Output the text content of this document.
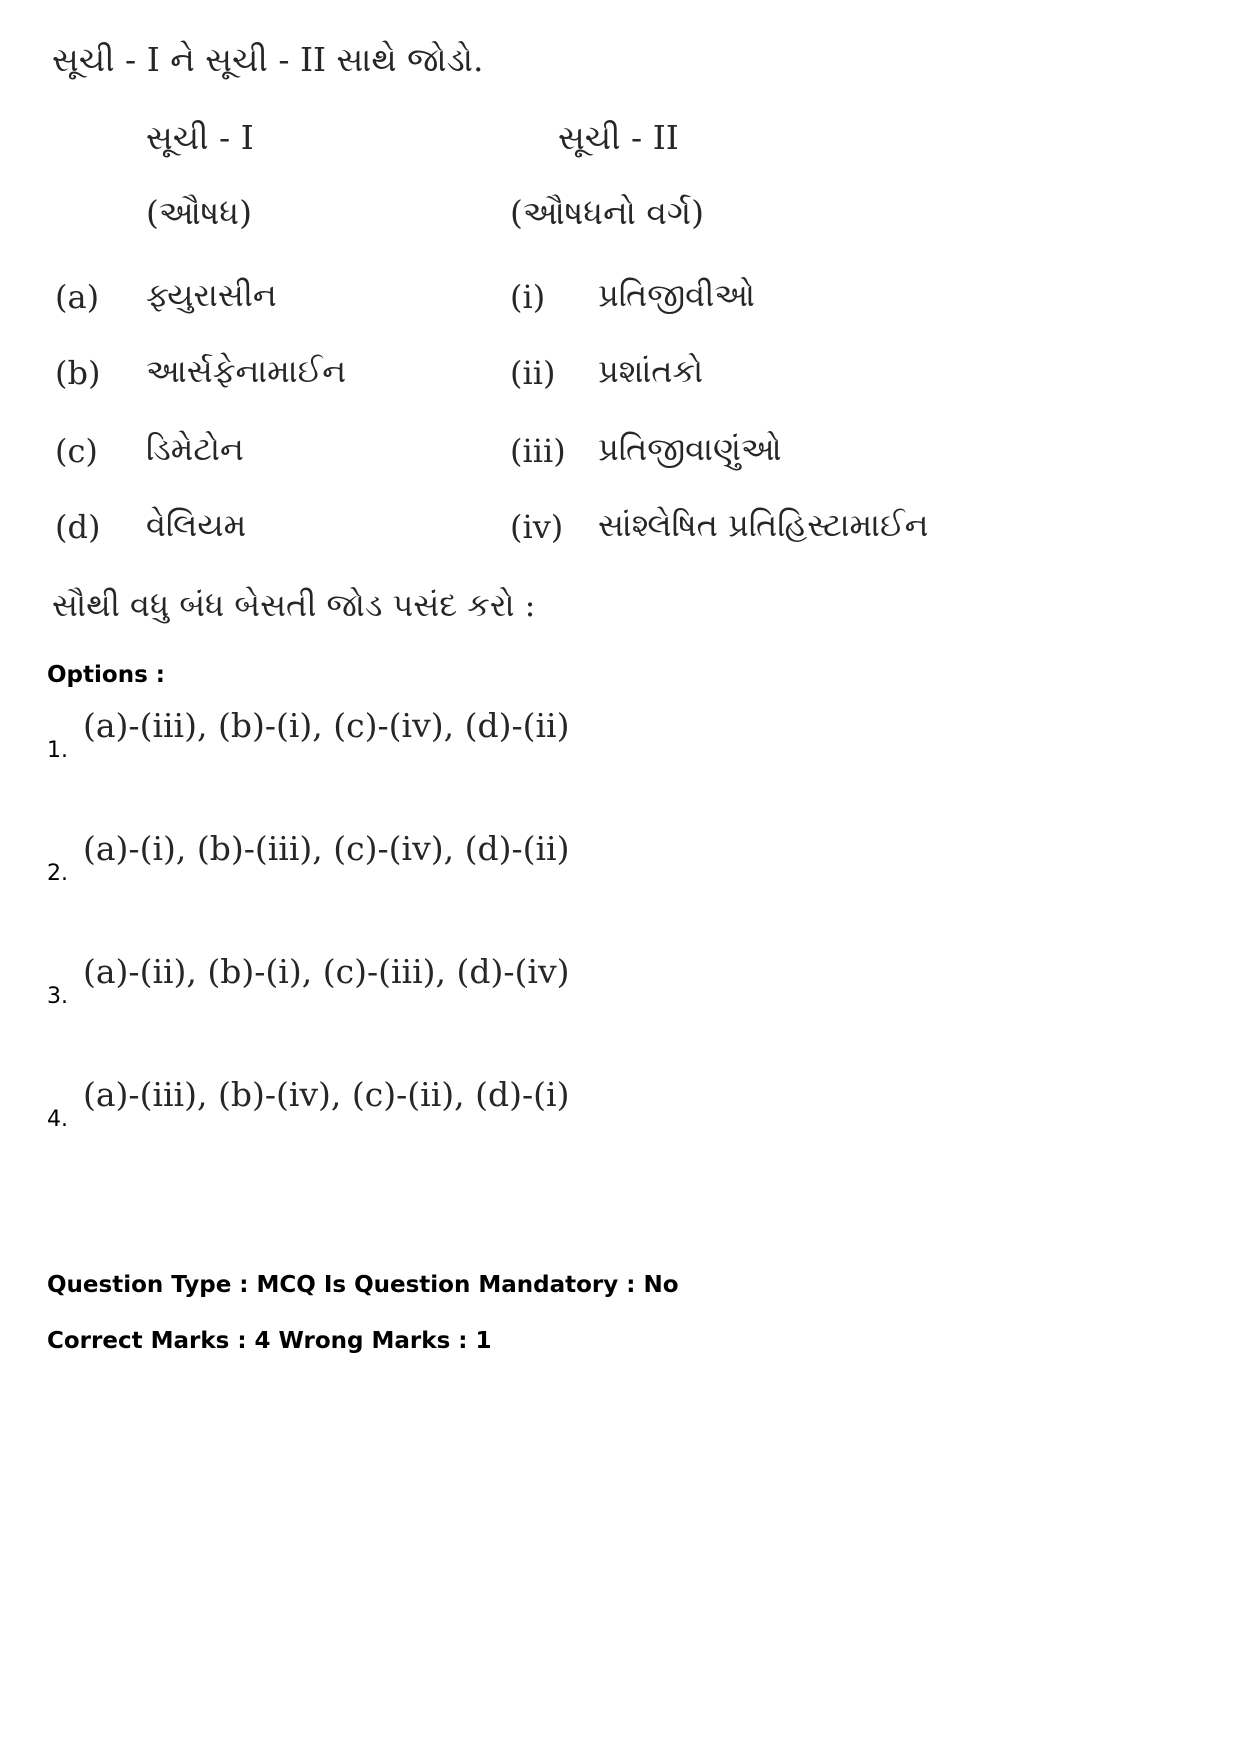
સૂચી - I ને સૂચી - II સાથે જોડો.
સૂચી - I	સૂચી - II
(ઔષધ)	(ઔષધનો વર્ગ)
(a) ફ્યુરાસીન	(i) પ્રતિજીવીઓ
(b) આર્સફેનામાઈન	(ii) પ્રશાંતકો
(c) ડિમેટોન	(iii) પ્રતિજીવાણુંઓ
(d) વેલિયમ	(iv) સાંશ્લેષિત પ્રતિહિસ્ટામાઈન
સૌથી વધુ બંધ બેસતી જોડ પસંદ કરો :
Options :
1.
(a)-(iii), (b)-(i), (c)-(iv), (d)-(ii)
2.
(a)-(i), (b)-(iii), (c)-(iv), (d)-(ii)
3.
(a)-(ii), (b)-(i), (c)-(iii), (d)-(iv)
4.
(a)-(iii), (b)-(iv), (c)-(ii), (d)-(i)
Question Type : MCQ Is Question Mandatory : No
Correct Marks : 4 Wrong Marks : 1
